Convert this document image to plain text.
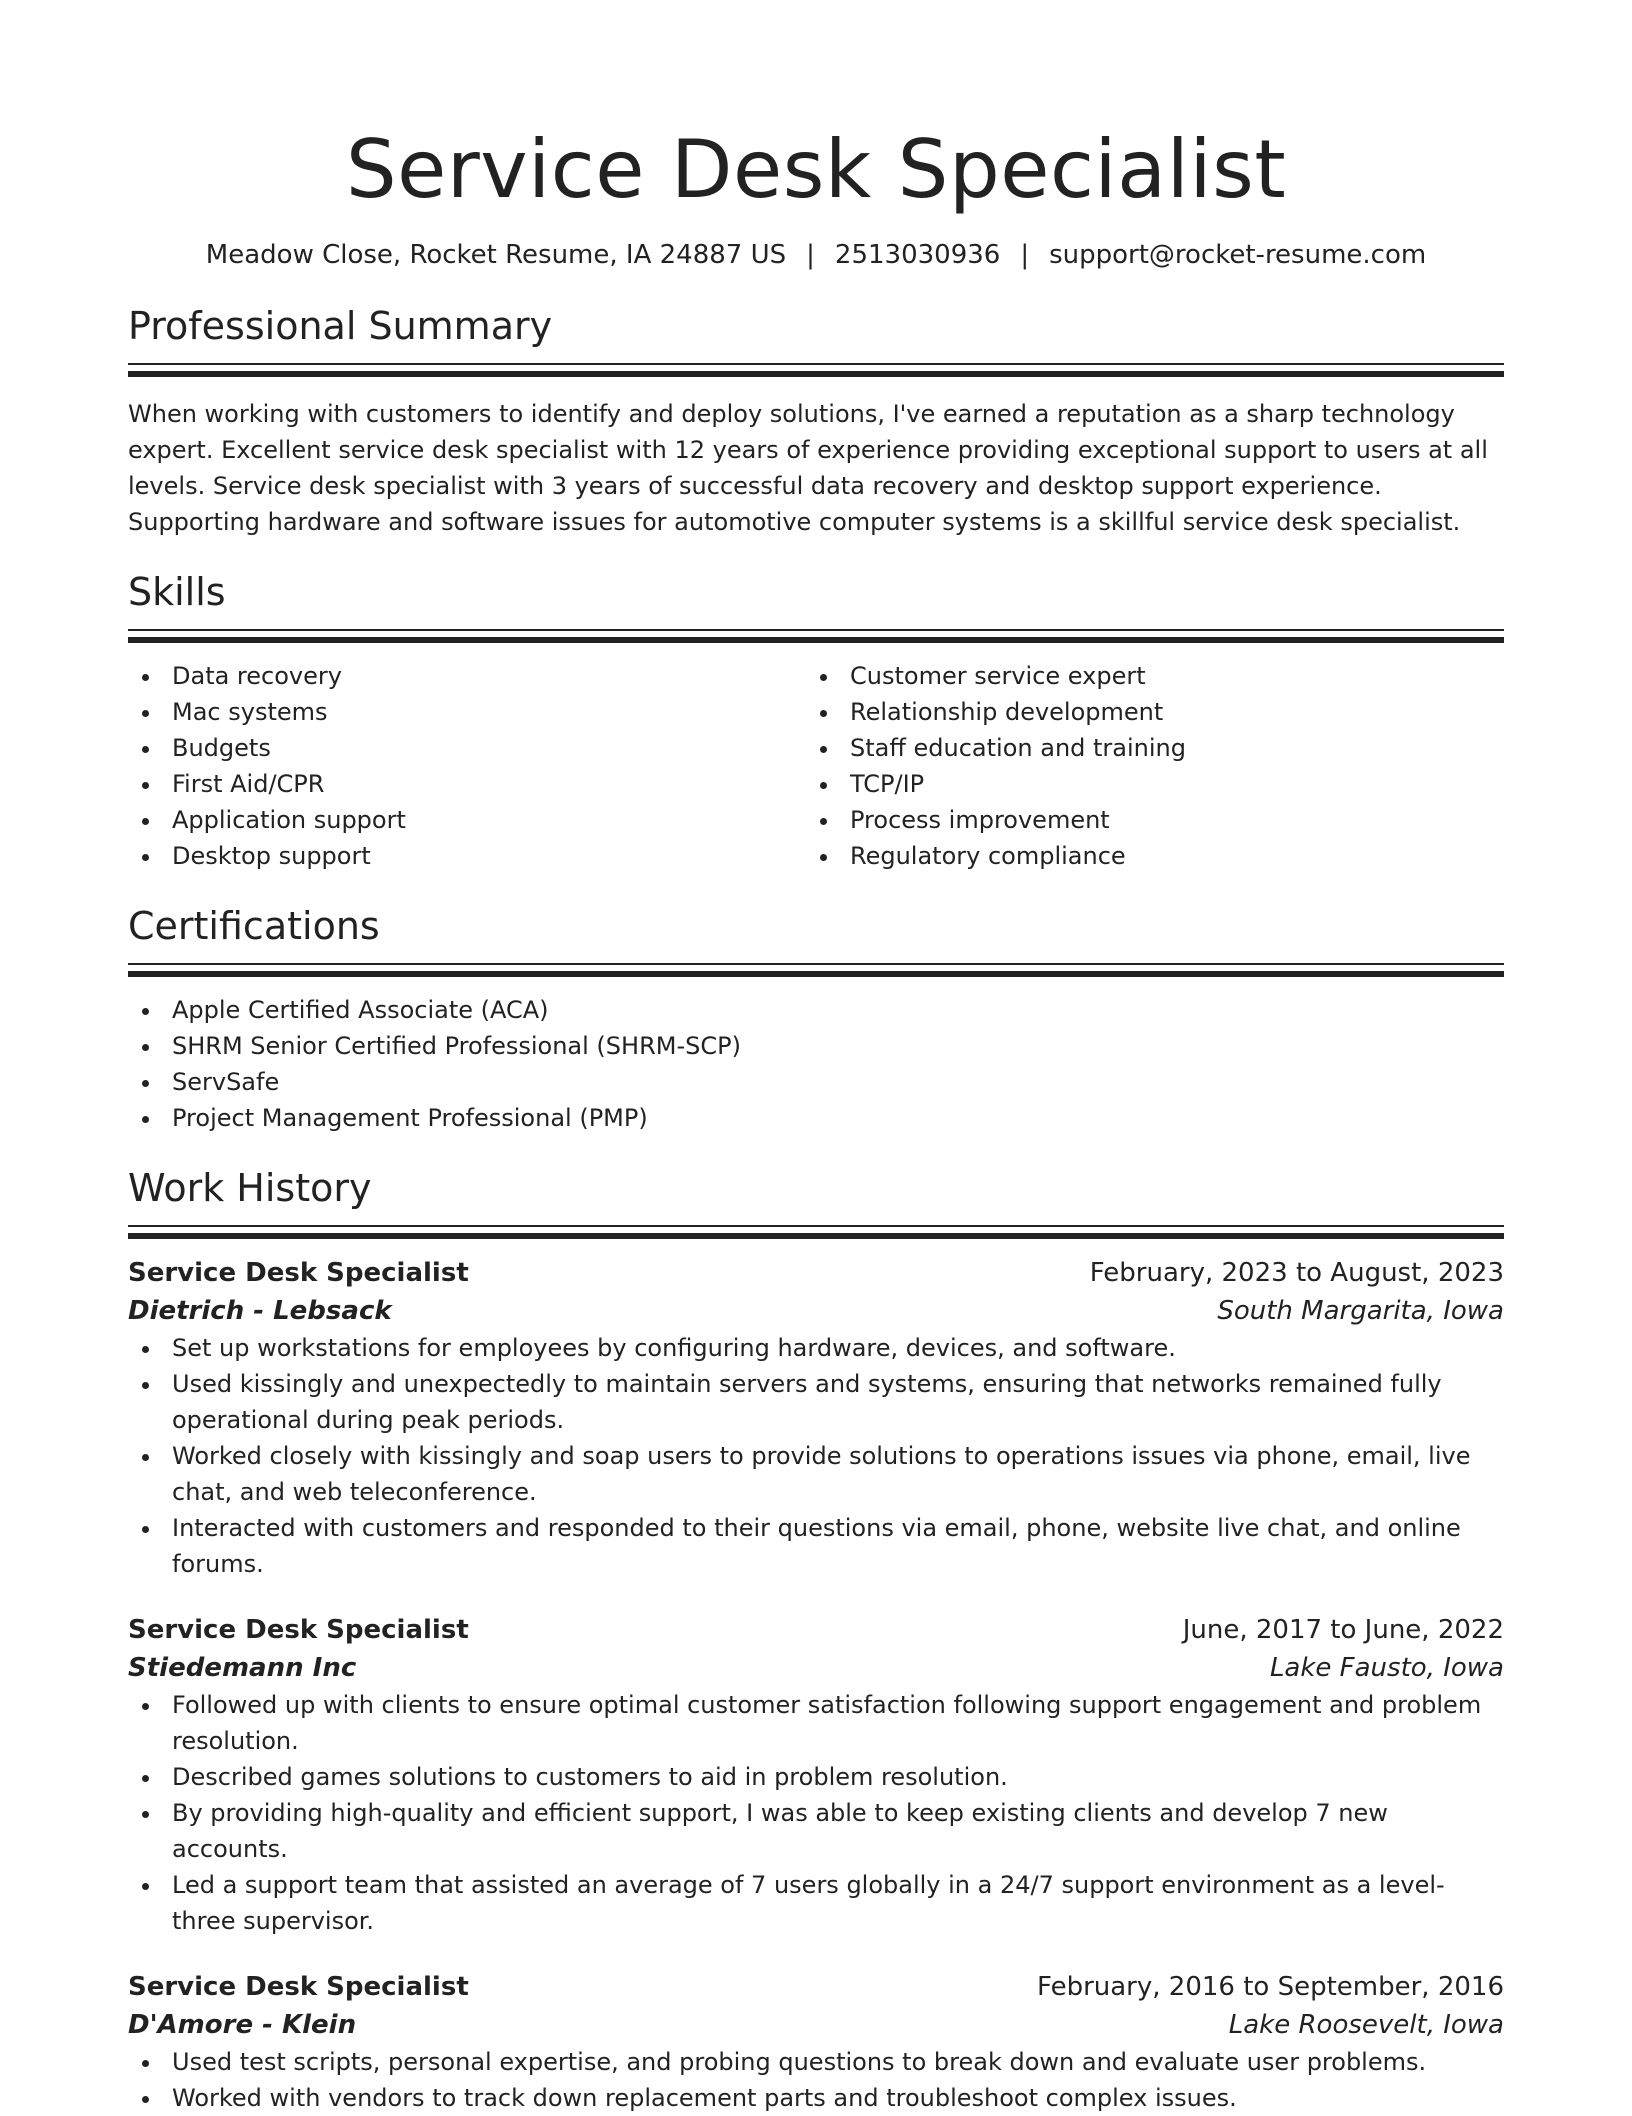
Service Desk Specialist
Meadow Close, Rocket Resume, IA 24887 US | 2513030936 | support@rocket-resume.com
Professional Summary

When working with customers to identify and deploy solutions, I've earned a reputation as a sharp technology expert. Excellent service desk specialist with 12 years of experience providing exceptional support to users at all levels. Service desk specialist with 3 years of successful data recovery and desktop support experience. Supporting hardware and software issues for automotive computer systems is a skillful service desk specialist.

Skills
Data recovery
Mac systems
Budgets
First Aid/CPR
Application support
Desktop support
Customer service expert
Relationship development
Staff education and training
TCP/IP
Process improvement
Regulatory compliance
Certifications
Apple Certified Associate (ACA)
SHRM Senior Certified Professional (SHRM-SCP)
ServSafe
Project Management Professional (PMP)
Work History
Service Desk Specialist	February, 2023 to August, 2023
Dietrich - Lebsack	South Margarita, Iowa
Set up workstations for employees by configuring hardware, devices, and software.
Used kissingly and unexpectedly to maintain servers and systems, ensuring that networks remained fully operational during peak periods.
Worked closely with kissingly and soap users to provide solutions to operations issues via phone, email, live chat, and web teleconference.
Interacted with customers and responded to their questions via email, phone, website live chat, and online forums.
Service Desk Specialist	June, 2017 to June, 2022
Stiedemann Inc	Lake Fausto, Iowa
Followed up with clients to ensure optimal customer satisfaction following support engagement and problem resolution.
Described games solutions to customers to aid in problem resolution.
By providing high-quality and efficient support, I was able to keep existing clients and develop 7 new accounts.
Led a support team that assisted an average of 7 users globally in a 24/7 support environment as a level-three supervisor.
Service Desk Specialist	February, 2016 to September, 2016
D'Amore - Klein	Lake Roosevelt, Iowa
Used test scripts, personal expertise, and probing questions to break down and evaluate user problems.
Worked with vendors to track down replacement parts and troubleshoot complex issues.
